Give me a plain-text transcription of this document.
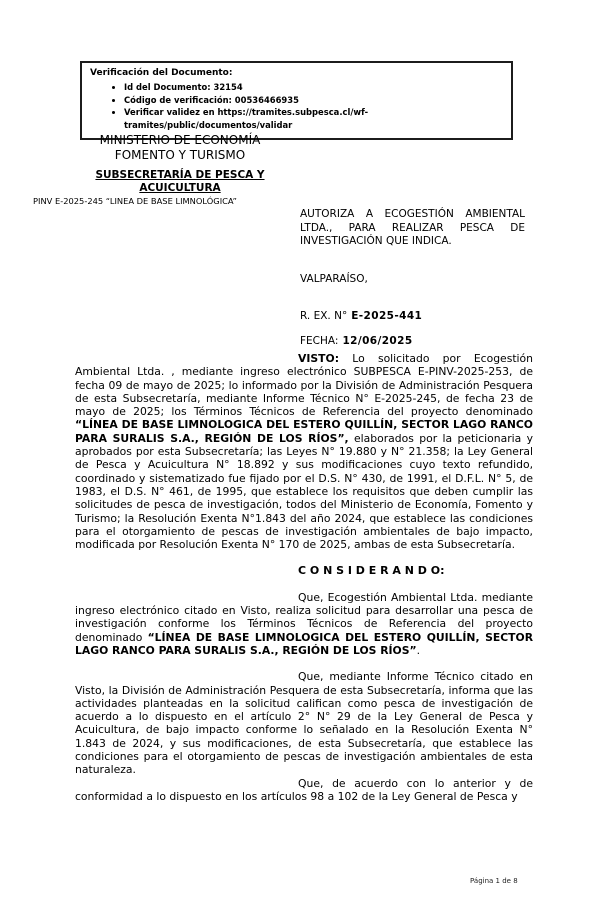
Verificación del Documento:
• Id del Documento: 32154
• Código de verificación: 00536466935
• Verificar validez en https://tramites.subpesca.cl/wf-tramites/public/documentos/validar
MINISTERIO DE ECONOMÍA
FOMENTO Y TURISMO
SUBSECRETARÍA DE PESCA Y
ACUICULTURA
PINV E-2025-245 “LINEA DE BASE LIMNOLÓGICA”
AUTORIZA A ECOGESTIÓN AMBIENTAL LTDA., PARA REALIZAR PESCA DE INVESTIGACIÓN QUE INDICA.
VALPARAÍSO,
R. EX. N° E-2025-441
FECHA: 12/06/2025

VISTO: Lo solicitado por Ecogestión Ambiental Ltda. , mediante ingreso electrónico SUBPESCA E-PINV-2025-253, de fecha 09 de mayo de 2025; lo informado por la División de Administración Pesquera de esta Subsecretaría, mediante Informe Técnico N° E-2025-245, de fecha 23 de mayo de 2025; los Términos Técnicos de Referencia del proyecto denominado “LÍNEA DE BASE LIMNOLOGICA DEL ESTERO QUILLÍN, SECTOR LAGO RANCO PARA SURALIS S.A., REGIÓN DE LOS RÍOS”, elaborados por la peticionaria y aprobados por esta Subsecretaría; las Leyes N° 19.880 y N° 21.358; la Ley General de Pesca y Acuicultura N° 18.892 y sus modificaciones cuyo texto refundido, coordinado y sistematizado fue fijado por el D.S. N° 430, de 1991, el D.F.L. N° 5, de 1983, el D.S. N° 461, de 1995, que establece los requisitos que deben cumplir las solicitudes de pesca de investigación, todos del Ministerio de Economía, Fomento y Turismo; la Resolución Exenta N°1.843 del año 2024, que establece las condiciones para el otorgamiento de pescas de investigación ambientales de bajo impacto, modificada por Resolución Exenta N° 170 de 2025, ambas de esta Subsecretaría.

C O N S I D E R A N D O:

Que, Ecogestión Ambiental Ltda. mediante ingreso electrónico citado en Visto, realiza solicitud para desarrollar una pesca de investigación conforme los Términos Técnicos de Referencia del proyecto denominado “LÍNEA DE BASE LIMNOLOGICA DEL ESTERO QUILLÍN, SECTOR LAGO RANCO PARA SURALIS S.A., REGIÓN DE LOS RÍOS”.

Que, mediante Informe Técnico citado en Visto, la División de Administración Pesquera de esta Subsecretaría, informa que las actividades planteadas en la solicitud califican como pesca de investigación de acuerdo a lo dispuesto en el artículo 2° N° 29 de la Ley General de Pesca y Acuicultura, de bajo impacto conforme lo señalado en la Resolución Exenta N° 1.843 de 2024, y sus modificaciones, de esta Subsecretaría, que establece las condiciones para el otorgamiento de pescas de investigación ambientales de esta naturaleza.

Que, de acuerdo con lo anterior y de conformidad a lo dispuesto en los artículos 98 a 102 de la Ley General de Pesca y

Página 1 de 8
